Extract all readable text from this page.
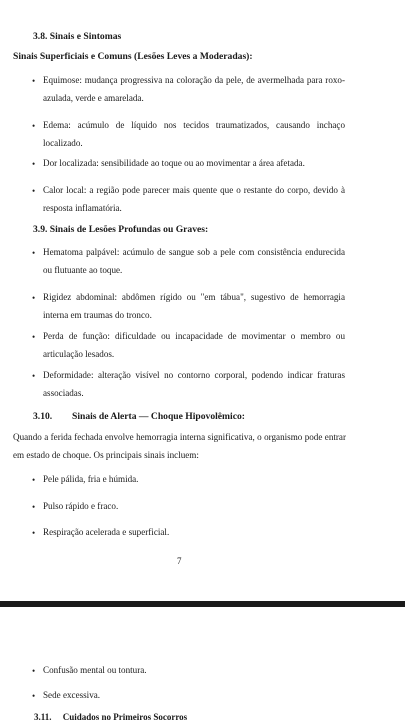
3.8. Sinais e Sintomas
Sinais Superficiais e Comuns (Lesões Leves a Moderadas):
• Equimose: mudança progressiva na coloração da pele, de avermelhada para roxo-azulada, verde e amarelada.
• Edema: acúmulo de líquido nos tecidos traumatizados, causando inchaço localizado.
• Dor localizada: sensibilidade ao toque ou ao movimentar a área afetada.
• Calor local: a região pode parecer mais quente que o restante do corpo, devido à resposta inflamatória.
3.9. Sinais de Lesões Profundas ou Graves:
• Hematoma palpável: acúmulo de sangue sob a pele com consistência endurecida ou flutuante ao toque.
• Rigidez abdominal: abdômen rígido ou "em tábua", sugestivo de hemorragia interna em traumas do tronco.
• Perda de função: dificuldade ou incapacidade de movimentar o membro ou articulação lesados.
• Deformidade: alteração visível no contorno corporal, podendo indicar fraturas associadas.
3.10. Sinais de Alerta — Choque Hipovolêmico:
Quando a ferida fechada envolve hemorragia interna significativa, o organismo pode entrar em estado de choque. Os principais sinais incluem:
• Pele pálida, fria e húmida.
• Pulso rápido e fraco.
• Respiração acelerada e superficial.
7
• Confusão mental ou tontura.
• Sede excessiva.
3.11. Cuidados no Primeiros Socorros
